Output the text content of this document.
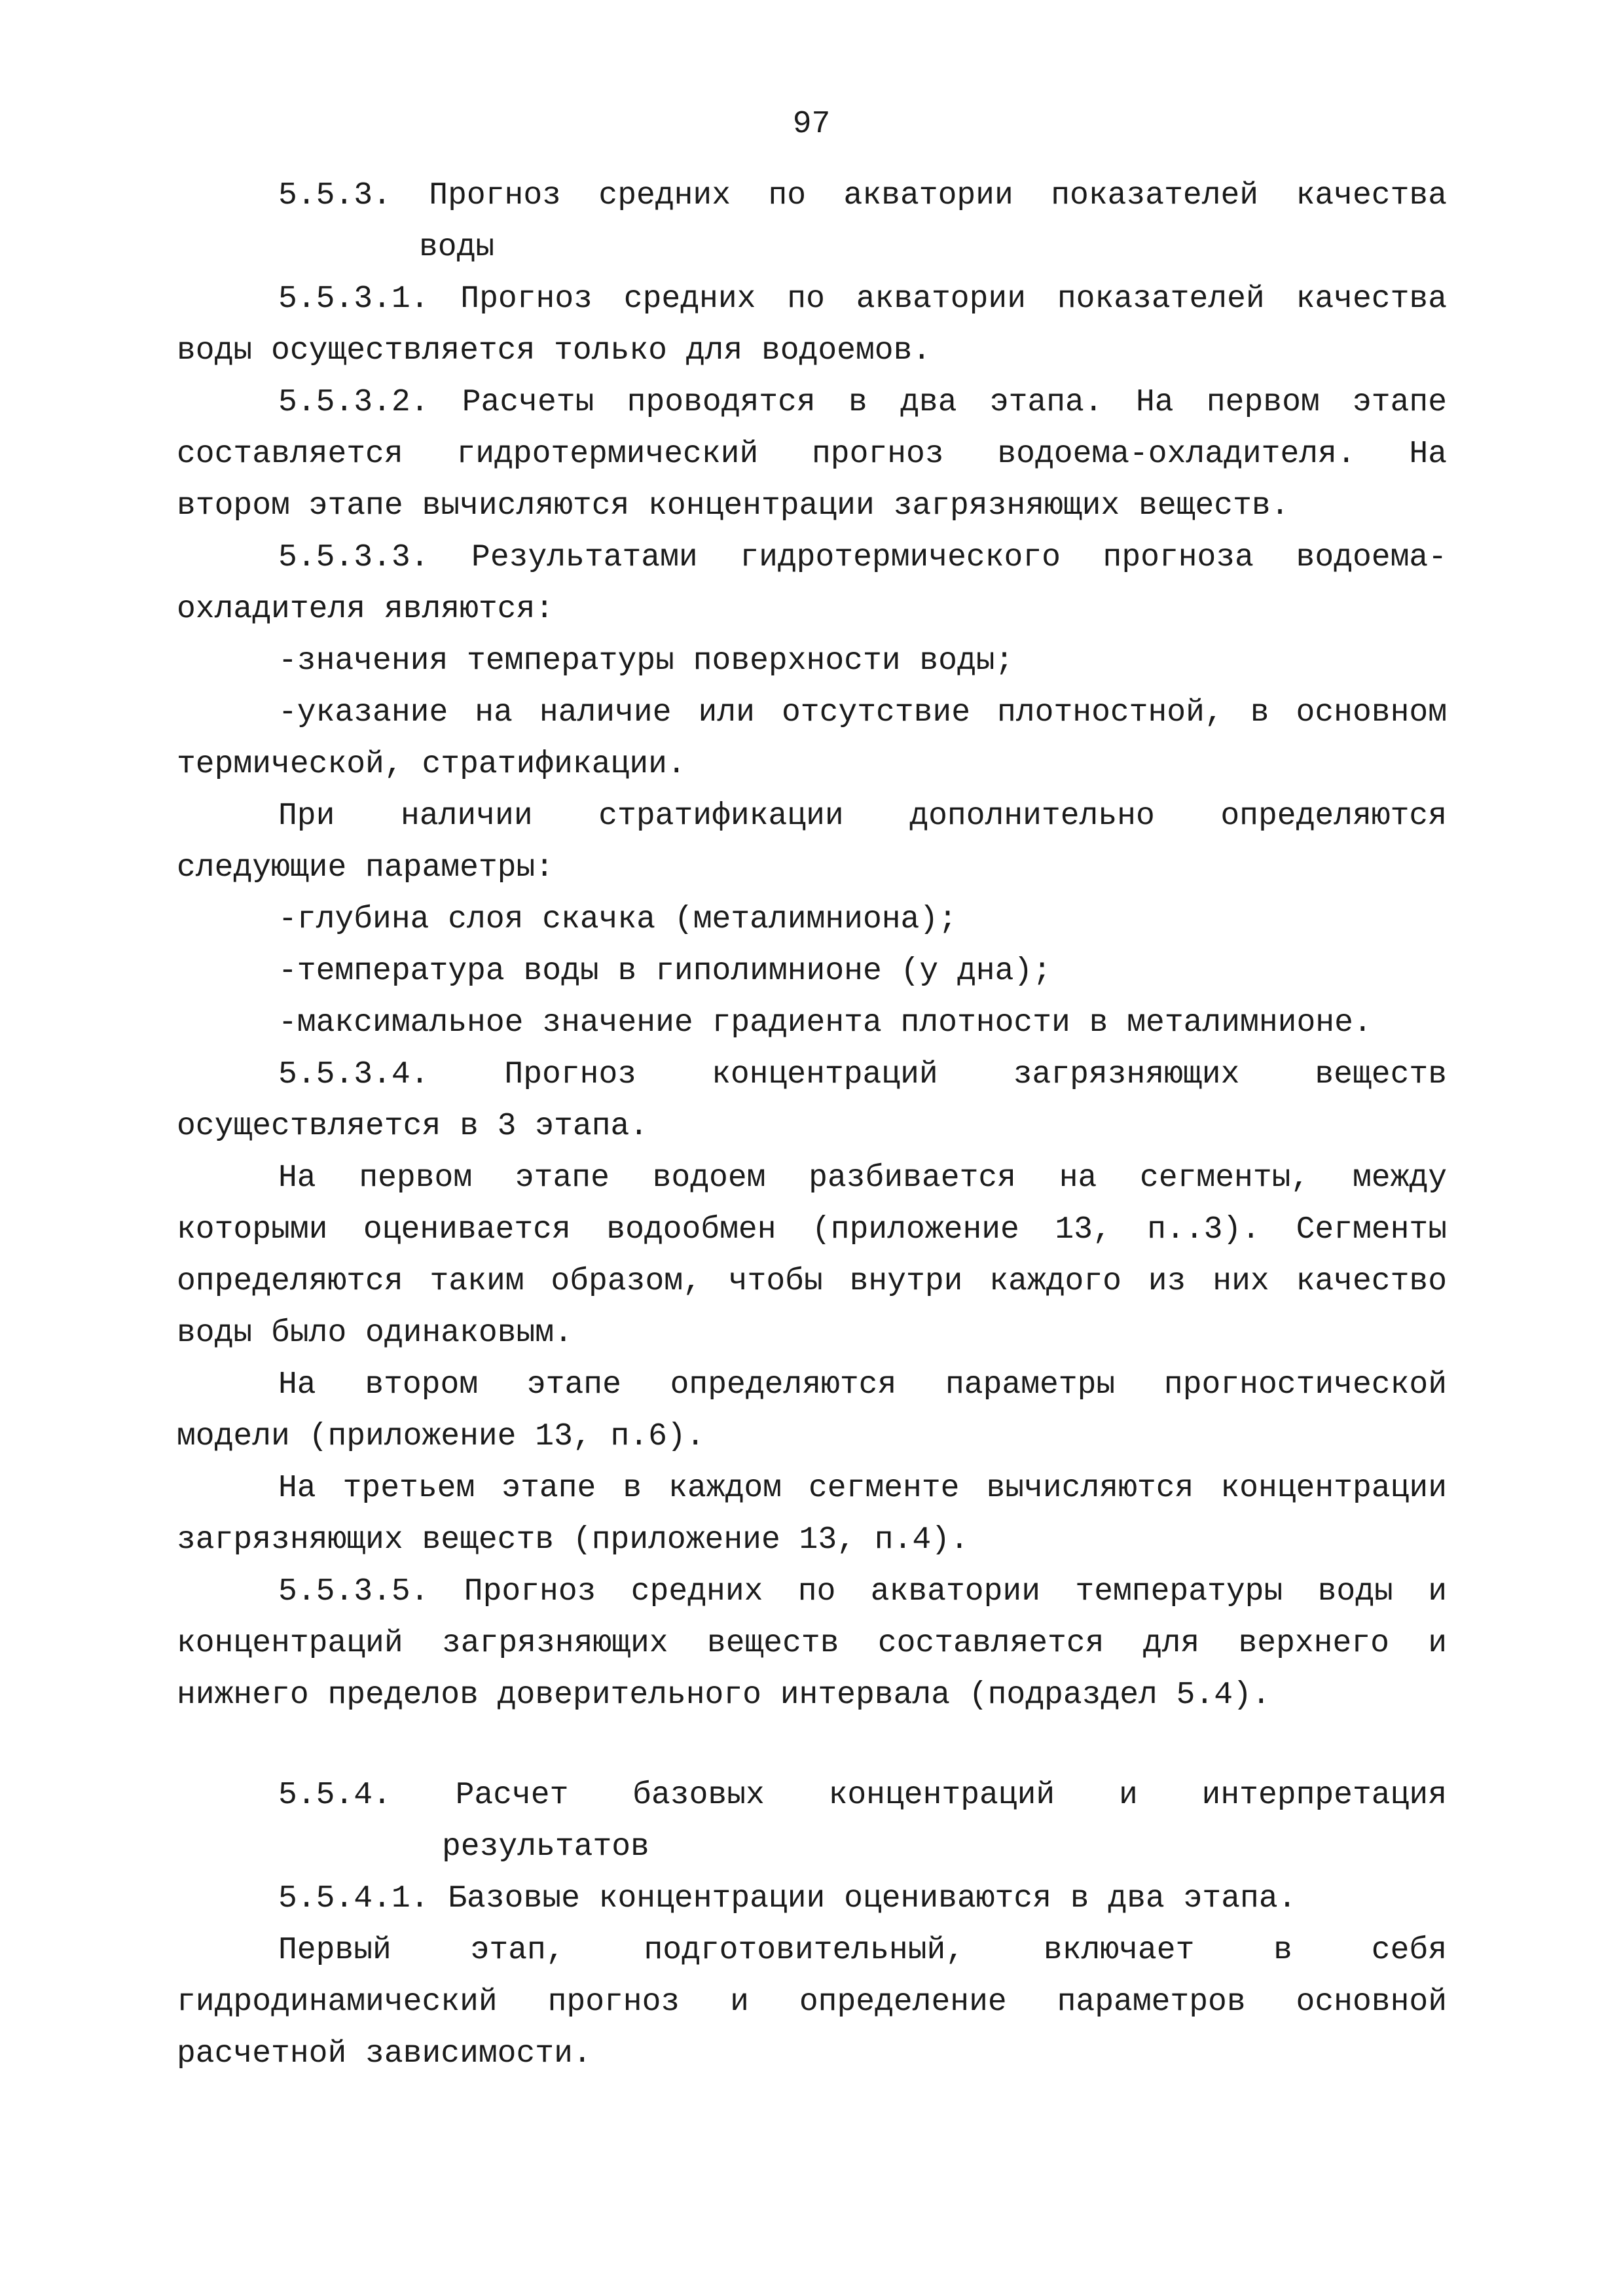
97
5.5.3. Прогноз средних по акватории показателей качества
воды
5.5.3.1. Прогноз средних по акватории показателей качества
воды осуществляется только для водоемов.
5.5.3.2. Расчеты проводятся в два этапа. На первом этапе
составляется гидротермический прогноз водоема-охладителя. На
втором этапе вычисляются концентрации загрязняющих веществ.
5.5.3.3. Результатами гидротермического прогноза водоема-
охладителя являются:
-значения температуры поверхности воды;
-указание на наличие или отсутствие плотностной, в основном
термической, стратификации.
При наличии стратификации дополнительно определяются
следующие параметры:
-глубина слоя скачка (металимниона);
-температура воды в гиполимнионе (у дна);
-максимальное значение градиента плотности в металимнионе.
5.5.3.4. Прогноз концентраций загрязняющих веществ
осуществляется в 3 этапа.
На первом этапе водоем разбивается на сегменты, между
которыми оценивается водообмен (приложение 13, п..3). Сегменты
определяются таким образом, чтобы внутри каждого из них качество
воды было одинаковым.
На втором этапе определяются параметры прогностической
модели (приложение 13, п.6).
На третьем этапе в каждом сегменте вычисляются концентрации
загрязняющих веществ (приложение 13, п.4).
5.5.3.5. Прогноз средних по акватории температуры воды и
концентраций загрязняющих веществ составляется для верхнего и
нижнего пределов доверительного интервала (подраздел 5.4).
5.5.4. Расчет базовых концентраций и интерпретация
результатов
5.5.4.1. Базовые концентрации оцениваются в два этапа.
Первый этап, подготовительный, включает в себя
гидродинамический прогноз и определение параметров основной
расчетной зависимости.
